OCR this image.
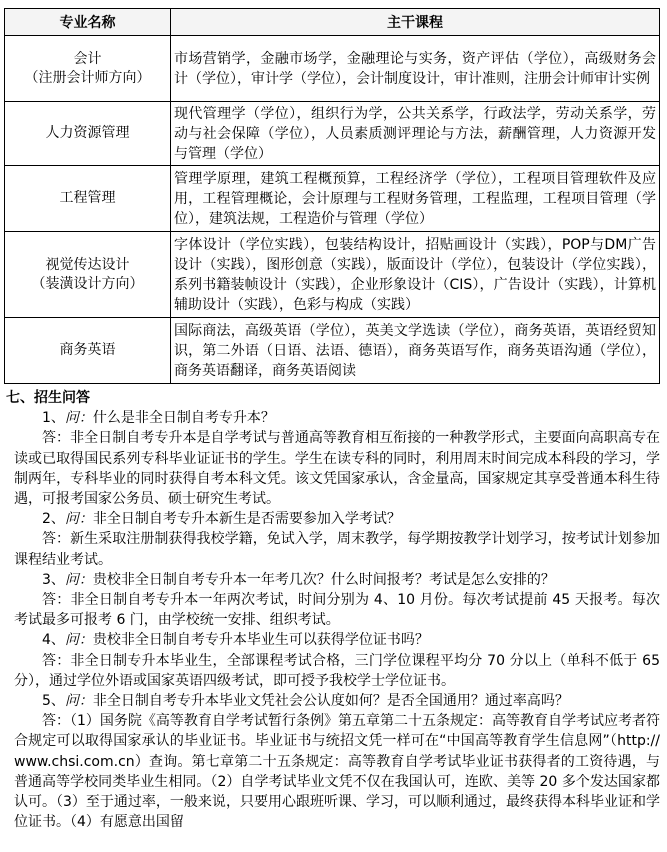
专业名称	主干课程

会计
（注册会计师方向）	市场营销学，金融市场学，金融理论与实务，资产评估（学位），高级财务会计（学位），审计学（学位），会计制度设计，审计准则，注册会计师审计实例

人力资源管理	现代管理学（学位），组织行为学，公共关系学，行政法学，劳动关系学，劳动与社会保障（学位），人员素质测评理论与方法，薪酬管理，人力资源开发与管理（学位）

工程管理	管理学原理，建筑工程概预算，工程经济学（学位），工程项目管理软件及应用，工程管理概论，会计原理与工程财务管理，工程监理，工程项目管理（学位），建筑法规，工程造价与管理（学位）

视觉传达设计
（装潢设计方向）	字体设计（学位实践），包装结构设计，招贴画设计（实践），POP与DM广告设计（实践），图形创意（实践），版面设计（学位），包装设计（学位实践），系列书籍装帧设计（实践），企业形象设计（CIS），广告设计（实践），计算机辅助设计（实践），色彩与构成（实践）

商务英语	国际商法，高级英语（学位），英美文学选读（学位），商务英语，英语经贸知识，第二外语（日语、法语、德语），商务英语写作，商务英语沟通（学位），商务英语翻译，商务英语阅读
七、招生问答
1、问：什么是非全日制自考专升本？
答：非全日制自考专升本是自学考试与普通高等教育相互衔接的一种教学形式，主要面向高职高专在读或已取得国民系列专科毕业证证书的学生。学生在读专科的同时，利用周末时间完成本科段的学习，学制两年，专科毕业的同时获得自考本科文凭。该文凭国家承认，含金量高，国家规定其享受普通本科生待遇，可报考国家公务员、硕士研究生考试。
2、问：非全日制自考专升本新生是否需要参加入学考试？
答：新生采取注册制获得我校学籍，免试入学，周末教学，每学期按教学计划学习，按考试计划参加课程结业考试。
3、问：贵校非全日制自考专升本一年考几次？什么时间报考？考试是怎么安排的？
答：非全日制自考专升本一年两次考试，时间分别为 4、10 月份。每次考试提前 45 天报考。每次考试最多可报考 6 门，由学校统一安排、组织考试。
4、问：贵校非全日制自考专升本毕业生可以获得学位证书吗？
答：非全日制专升本毕业生，全部课程考试合格，三门学位课程平均分 70 分以上（单科不低于 65 分），通过学位外语或国家英语四级考试，即可授予我校学士学位证书。
5、问：非全日制自考专升本毕业文凭社会公认度如何？是否全国通用？通过率高吗？
答：（1）国务院《高等教育自学考试暂行条例》第五章第二十五条规定：高等教育自学考试应考者符合规定可以取得国家承认的毕业证书。毕业证书与统招文凭一样可在“中国高等教育学生信息网”（http://www.chsi.com.cn）查询。第七章第二十五条规定：高等教育自学考试毕业证书获得者的工资待遇，与普通高等学校同类毕业生相同。（2）自学考试毕业文凭不仅在我国认可，连欧、美等 20 多个发达国家都认可。（3）至于通过率，一般来说，只要用心跟班听课、学习，可以顺利通过，最终获得本科毕业证和学位证书。（4）有愿意出国留
